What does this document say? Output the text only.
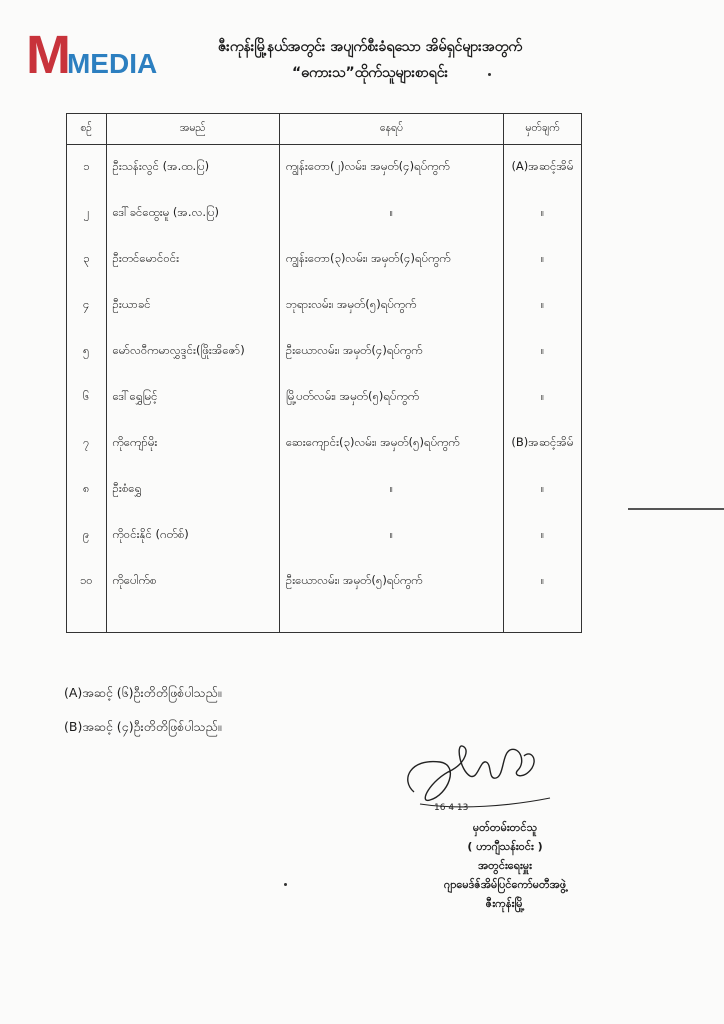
M
MEDIA
ဇီးကုန်းမြို့နယ်အတွင်း အပျက်စီးခံရသော အိမ်ရှင်များအတွက်
“ဓကားသ”ထိုက်သူများစာရင်း
စဉ်	အမည်	နေရပ်	မှတ်ချက်
၁	ဦးသန်းလွင် (အ.ထ.ပြ)	ကျွန်းတော(၂)လမ်း၊ အမှတ်(၄)ရပ်ကွက်	(A)အဆင့်အိမ်
၂	ဒေါ်ခင်ထွေးမူ (အ.လ.ပြ)	။	။
၃	ဦးတင်မောင်ဝင်း	ကျွန်းတော(၃)လမ်း၊ အမှတ်(၄)ရပ်ကွက်	။
၄	ဦးယာခင်	ဘုရားလမ်း၊ အမှတ်(၅)ရပ်ကွက်	။
၅	မော်လဝီကမာလွှဒ္ဒင်း(ဖြိုးအိ‌ဇော်)	ဦးယောလမ်း၊ အမှတ်(၄)ရပ်ကွက်	။
၆	ဒေါ်ရွှေမြင့်	မြို့ပတ်လမ်း၊ အမှတ်(၅)ရပ်ကွက်	။
၇	ကိုကျော်မိုး	ဆေးကျောင်း(၃)လမ်း၊ အမှတ်(၅)ရပ်ကွက်	(B)အဆင့်အိမ်
၈	ဦးစံရွှေ	။	။
၉	ကိုဝင်းနိုင် (ဂတ်စ်)	။	။
၁၀	ကိုပေါက်စ	ဦးယောလမ်း၊ အမှတ်(၅)ရပ်ကွက်	။

(A)အဆင့် (၆)ဦးတိတိဖြစ်ပါသည်။
(B)အဆင့် (၄)ဦးတိတိဖြစ်ပါသည်။
16 4 13
မှတ်တမ်းတင်သူ
( ဟာဂျီသန်းဝင်း )
အတွင်းရေးမှူး
ဂျာမေဒ်ဇ်အိမ်ပြင်ကော်မတီအဖွဲ့
ဇီးကုန်းမြို့
